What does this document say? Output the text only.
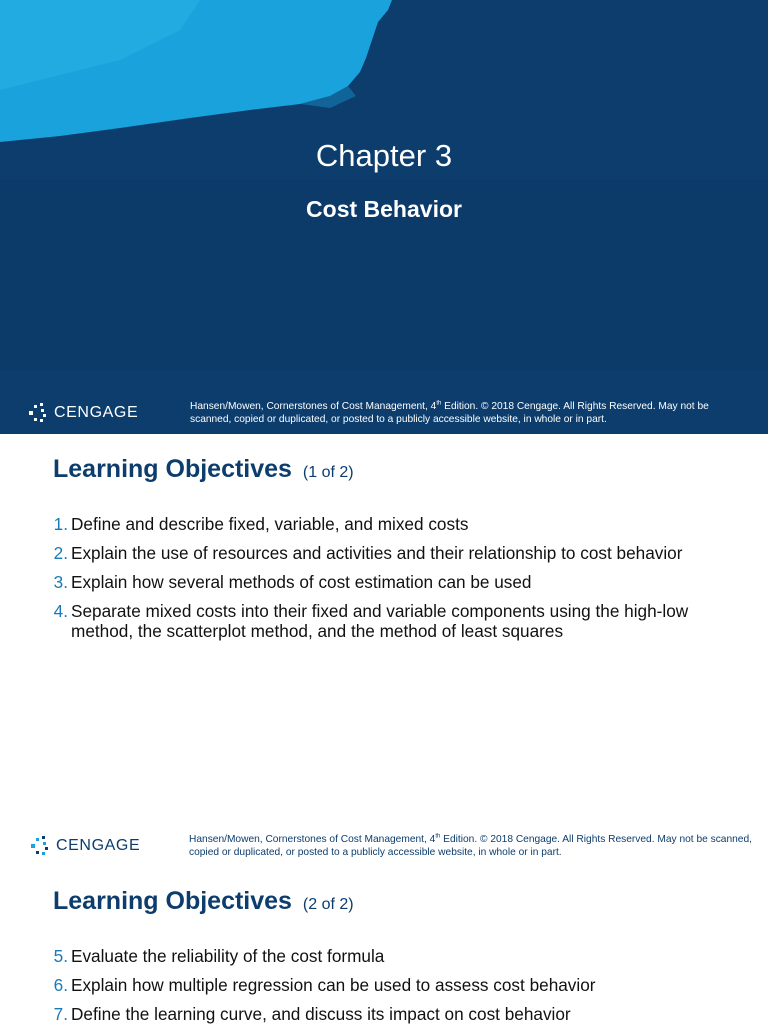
Chapter 3
Cost Behavior
CENGAGE	Hansen/Mowen, Cornerstones of Cost Management, 4th Edition. © 2018 Cengage. All Rights Reserved. May not be scanned, copied or duplicated, or posted to a publicly accessible website, in whole or in part.
Learning Objectives (1 of 2)
1. Define and describe fixed, variable, and mixed costs
2. Explain the use of resources and activities and their relationship to cost behavior
3. Explain how several methods of cost estimation can be used
4. Separate mixed costs into their fixed and variable components using the high-low method, the scatterplot method, and the method of least squares
CENGAGE	Hansen/Mowen, Cornerstones of Cost Management, 4th Edition. © 2018 Cengage. All Rights Reserved. May not be scanned, copied or duplicated, or posted to a publicly accessible website, in whole or in part.
Learning Objectives (2 of 2)
5. Evaluate the reliability of the cost formula
6. Explain how multiple regression can be used to assess cost behavior
7. Define the learning curve, and discuss its impact on cost behavior
